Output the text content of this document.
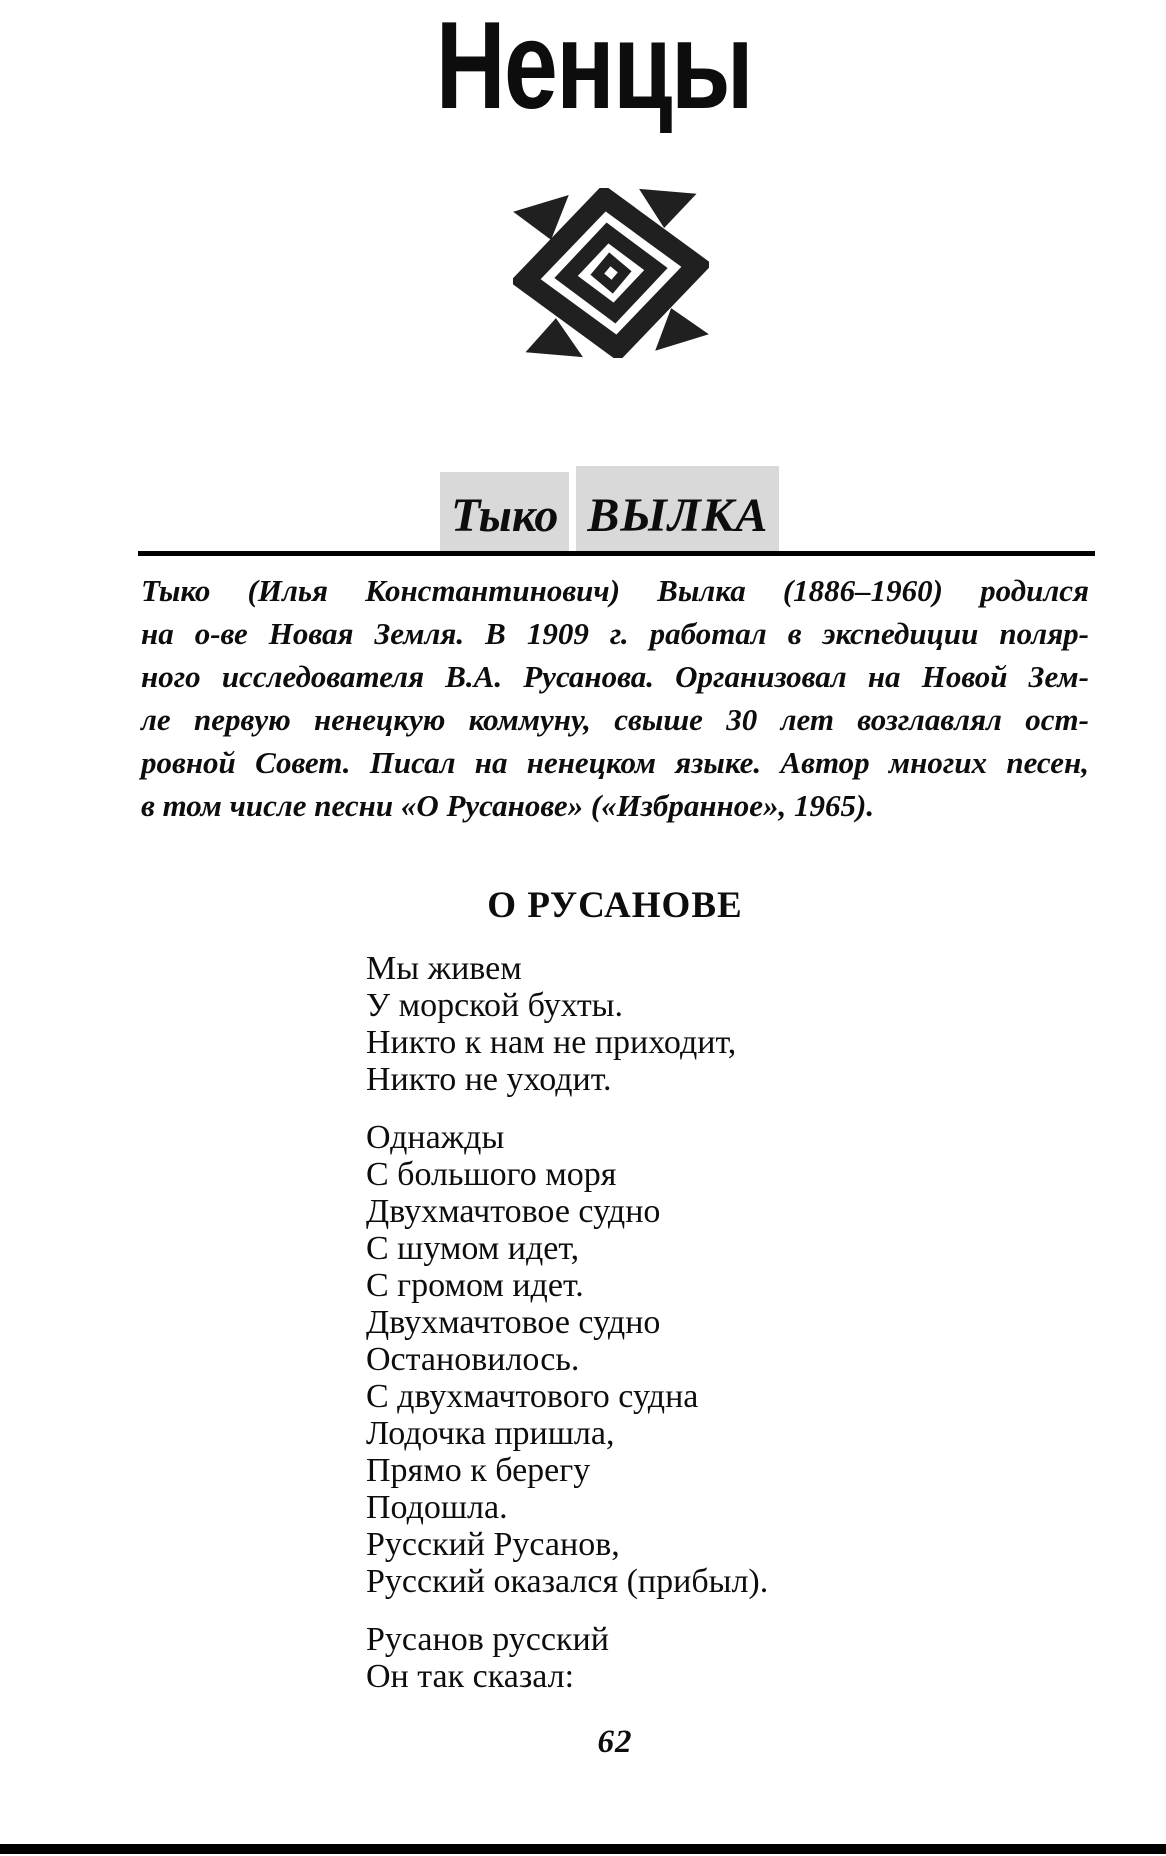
Ненцы
Тыко ВЫЛКА
Тыко (Илья Константинович) Вылка (1886–1960) родился
на о-ве Новая Земля. В 1909 г. работал в экспедиции поляр-
ного исследователя В.А. Русанова. Организовал на Новой Зем-
ле первую ненецкую коммуну, свыше 30 лет возглавлял ост-
ровной Совет. Писал на ненецком языке. Автор многих песен,
в том числе песни «О Русанове» («Избранное», 1965).
О РУСАНОВЕ
Мы живем
У морской бухты.
Никто к нам не приходит,
Никто не уходит.
Однажды
С большого моря
Двухмачтовое судно
С шумом идет,
С громом идет.
Двухмачтовое судно
Остановилось.
С двухмачтового судна
Лодочка пришла,
Прямо к берегу
Подошла.
Русский Русанов,
Русский оказался (прибыл).
Русанов русский
Он так сказал:
62
